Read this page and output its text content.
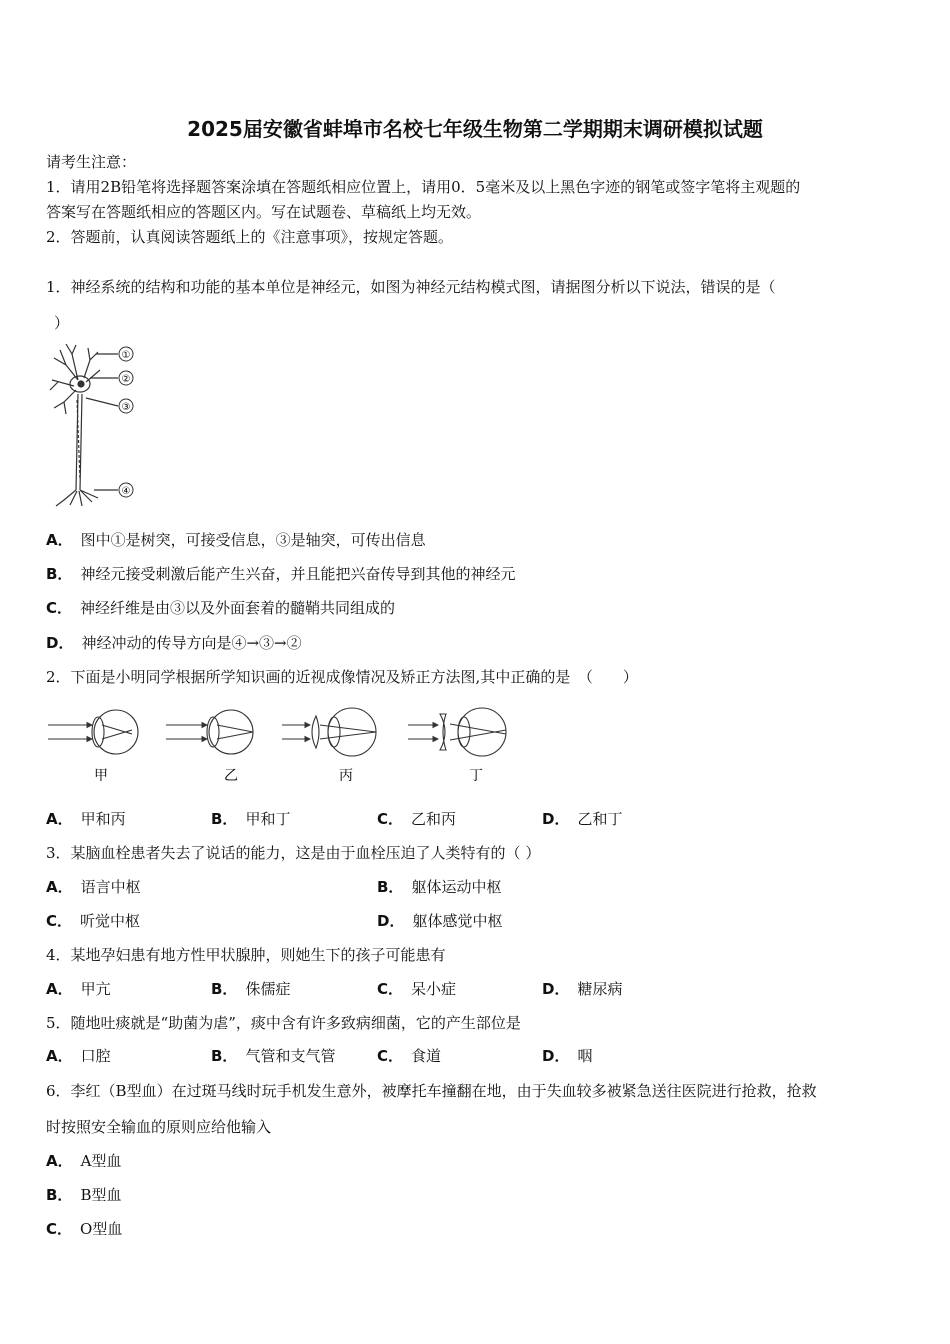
2025届安徽省蚌埠市名校七年级生物第二学期期末调研模拟试题
请考生注意：
1．请用2B铅笔将选择题答案涂填在答题纸相应位置上，请用0．5毫米及以上黑色字迹的钢笔或签字笔将主观题的
答案写在答题纸相应的答题区内。写在试题卷、草稿纸上均无效。
2．答题前，认真阅读答题纸上的《注意事项》，按规定答题。
1．神经系统的结构和功能的基本单位是神经元，如图为神经元结构模式图，请据图分析以下说法，错误的是（
）
①
②
③
④
A． 图中①是树突，可接受信息，③是轴突，可传出信息
B． 神经元接受刺激后能产生兴奋，并且能把兴奋传导到其他的神经元
C． 神经纤维是由③以及外面套着的髓鞘共同组成的
D． 神经冲动的传导方向是④→③→②
2．下面是小明同学根据所学知识画的近视成像情况及矫正方法图,其中正确的是　（　　）
甲	乙	丙	丁
A． 甲和丙	B． 甲和丁	C． 乙和丙	D． 乙和丁
3．某脑血栓患者失去了说话的能力，这是由于血栓压迫了人类特有的（ ）
A． 语言中枢	B． 躯体运动中枢
C． 听觉中枢	D． 躯体感觉中枢
4．某地孕妇患有地方性甲状腺肿，则她生下的孩子可能患有
A． 甲亢	B． 侏儒症	C． 呆小症	D． 糖尿病
5．随地吐痰就是“助菌为虐”，痰中含有许多致病细菌，它的产生部位是
A． 口腔	B． 气管和支气管	C． 食道	D． 咽
6．李红（B型血）在过斑马线时玩手机发生意外，被摩托车撞翻在地，由于失血较多被紧急送往医院进行抢救，抢救
时按照安全输血的原则应给他输入
A． A型血
B． B型血
C． O型血
